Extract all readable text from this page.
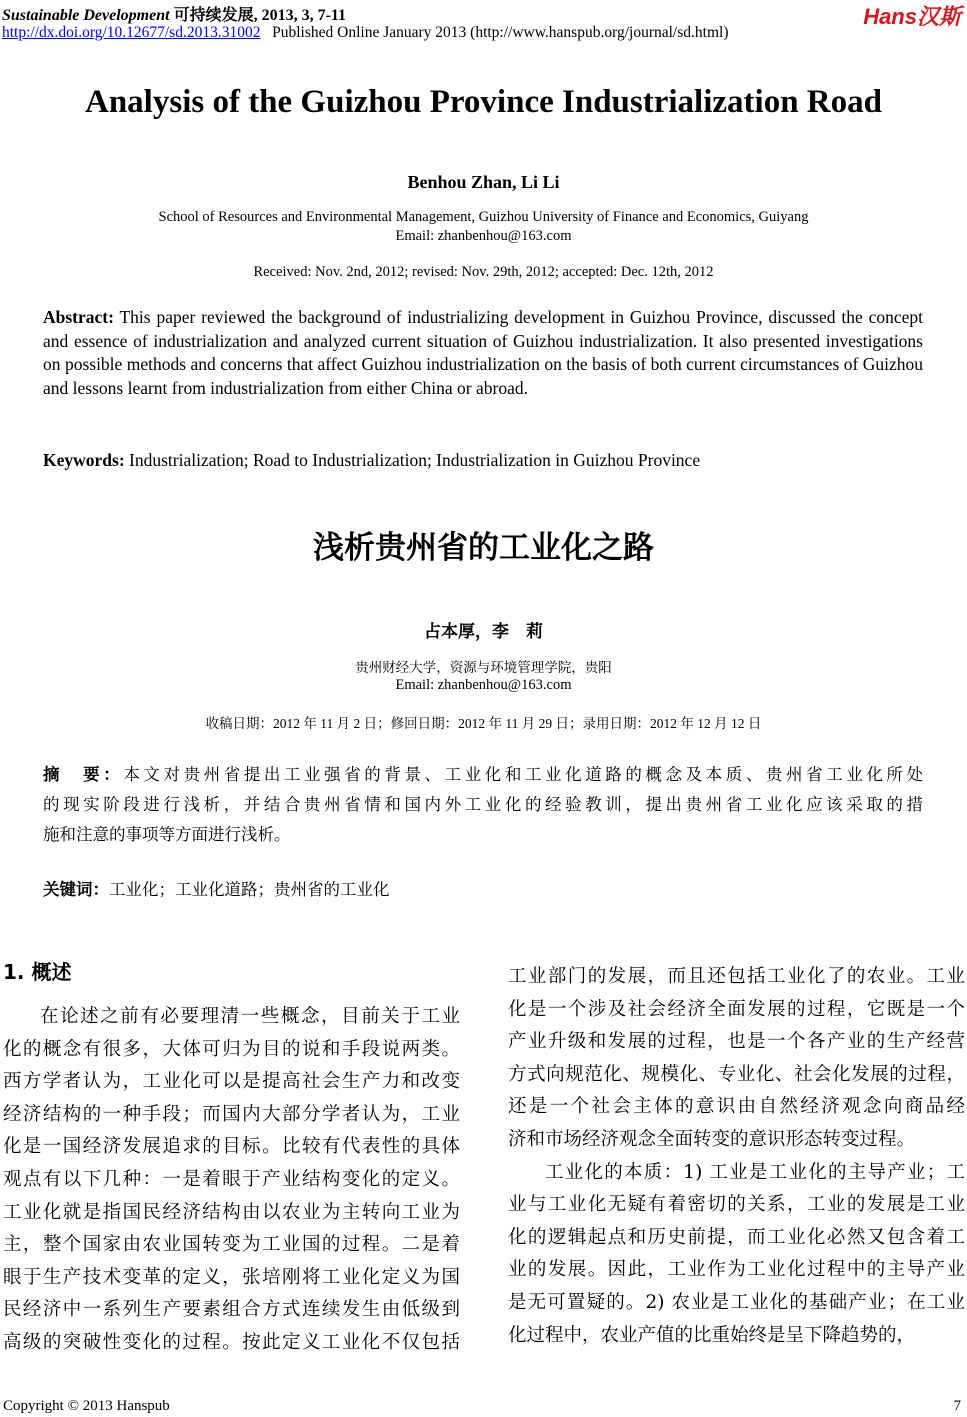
Sustainable Development 可持续发展, 2013, 3, 7-11
http://dx.doi.org/10.12677/sd.2013.31002 Published Online January 2013 (http://www.hanspub.org/journal/sd.html)
Hans汉斯
Analysis of the Guizhou Province Industrialization Road
Benhou Zhan, Li Li
School of Resources and Environmental Management, Guizhou University of Finance and Economics, Guiyang
Email: zhanbenhou@163.com
Received: Nov. 2nd, 2012; revised: Nov. 29th, 2012; accepted: Dec. 12th, 2012
Abstract: This paper reviewed the background of industrializing development in Guizhou Province, discussed the concept and essence of industrialization and analyzed current situation of Guizhou industrialization. It also presented investigations on possible methods and concerns that affect Guizhou industrialization on the basis of both current circumstances of Guizhou and lessons learnt from industrialization from either China or abroad.
Keywords: Industrialization; Road to Industrialization; Industrialization in Guizhou Province
浅析贵州省的工业化之路
占本厚，李　莉
贵州财经大学，资源与环境管理学院，贵阳
Email: zhanbenhou@163.com
收稿日期：2012 年 11 月 2 日；修回日期：2012 年 11 月 29 日；录用日期：2012 年 12 月 12 日
摘　要：本文对贵州省提出工业强省的背景、工业化和工业化道路的概念及本质、贵州省工业化所处
的现实阶段进行浅析，并结合贵州省情和国内外工业化的经验教训，提出贵州省工业化应该采取的措
施和注意的事项等方面进行浅析。
关键词：工业化；工业化道路；贵州省的工业化
1. 概述
在论述之前有必要理清一些概念，目前关于工业
化的概念有很多，大体可归为目的说和手段说两类。
西方学者认为，工业化可以是提高社会生产力和改变
经济结构的一种手段；而国内大部分学者认为，工业
化是一国经济发展追求的目标。比较有代表性的具体
观点有以下几种：一是着眼于产业结构变化的定义。
工业化就是指国民经济结构由以农业为主转向工业为
主，整个国家由农业国转变为工业国的过程。二是着
眼于生产技术变革的定义，张培刚将工业化定义为国
民经济中一系列生产要素组合方式连续发生由低级到
高级的突破性变化的过程。按此定义工业化不仅包括
工业部门的发展，而且还包括工业化了的农业。工业
化是一个涉及社会经济全面发展的过程，它既是一个
产业升级和发展的过程，也是一个各产业的生产经营
方式向规范化、规模化、专业化、社会化发展的过程，
还是一个社会主体的意识由自然经济观念向商品经
济和市场经济观念全面转变的意识形态转变过程。
工业化的本质：1) 工业是工业化的主导产业；工
业与工业化无疑有着密切的关系，工业的发展是工业
化的逻辑起点和历史前提，而工业化必然又包含着工
业的发展。因此，工业作为工业化过程中的主导产业
是无可置疑的。2) 农业是工业化的基础产业；在工业
化过程中，农业产值的比重始终是呈下降趋势的，
Copyright © 2013 Hanspub	7
